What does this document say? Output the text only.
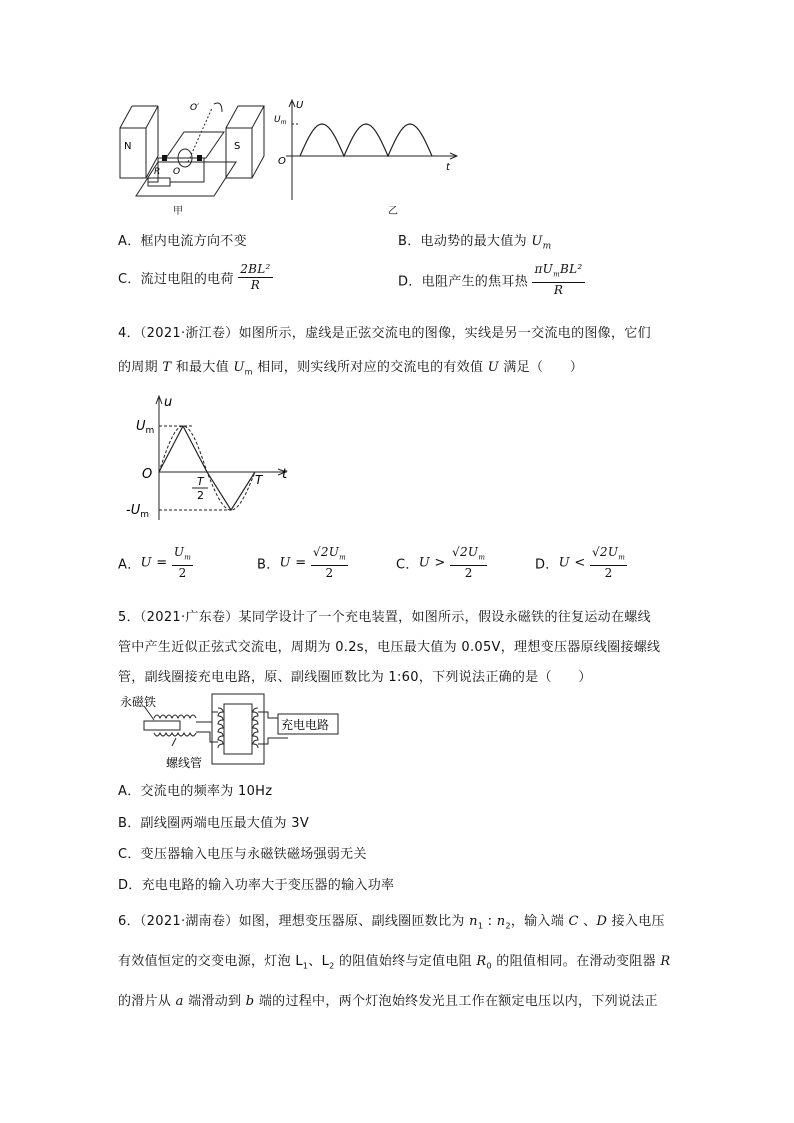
N	S
O′
O
R
甲
U
$U_m$
O
t
乙
A．框内电流方向不变	B．电动势的最大值为 $U_m$
C．流过电阻的电荷 $\frac{\text{2BL²}}{R}$	D．电阻产生的焦耳热 $\frac{\pi U_mBL^2}{R}$
4．（2021·浙江卷）如图所示，虚线是正弦交流电的图像，实线是另一交流电的图像，它们
的周期 T 和最大值 $U_m$ 相同，则实线所对应的交流电的有效值 U 满足（　　）
u
$U_m$
O	t
T
2
T
$-U_m$
A．$U = \frac{U_m}{2}$	B．$U = \frac{√2U_m}{2}$	C．$U > \frac{√2U_m}{2}$	D．$U < \frac{√2U_m}{2}$
5．（2021·广东卷）某同学设计了一个充电装置，如图所示，假设永磁铁的往复运动在螺线
管中产生近似正弦式交流电，周期为 0.2s，电压最大值为 0.05V，理想变压器原线圈接螺线
管，副线圈接充电电路，原、副线圈匝数比为 1:60，下列说法正确的是（　　）
永磁铁
螺线管
充电电路
A．交流电的频率为 10Hz
B．副线圈两端电压最大值为 3V
C．变压器输入电压与永磁铁磁场强弱无关
D．充电电路的输入功率大于变压器的输入功率
6．（2021·湖南卷）如图，理想变压器原、副线圈匝数比为 $n_1$ : $n_2$，输入端 C 、D 接入电压
有效值恒定的交变电源，灯泡 $L_1$、$L_2$ 的阻值始终与定值电阻 $R_0$ 的阻值相同。在滑动变阻器 R
的滑片从 a 端滑动到 b 端的过程中，两个灯泡始终发光且工作在额定电压以内，下列说法正
